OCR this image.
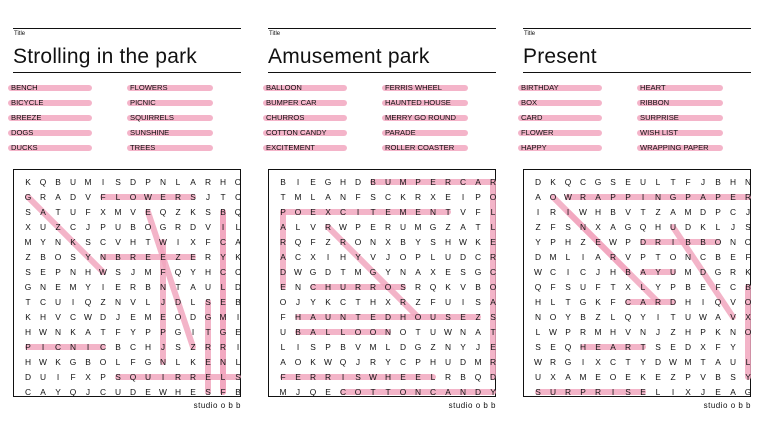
Title
Strolling in the park
BENCH
BICYCLE
BREEZE
DOGS
DUCKS
FLOWERS
PICNIC
SQUIRRELS
SUNSHINE
TREES
K Q B U M I S D P N L A R H O
G R A D V F L O W E R S J T C
S A T U F X M V E Q Z K S B Q
X U Z C J P U B O G R D V I L
M Y N K S C V H T W I X F C A
Z B O S Y N B R E E Z E R Y K
S E P N H W S J M F Q Y H C C
G N E M Y I E R B N T A U L D
T C U I Q Z N V L J D L S E B
K H V C W D J E M E O D G M I
H W N K A T F Y P P G I T G E
P I C N I C B C H J S Z R R I
H W K G B O L F G N L K E N L
D U I F X P S Q U I R R E L S
C A Y Q J C U D E W H E S F B
studio o b b
Title
Amusement park
BALLOON
BUMPER CAR
CHURROS
COTTON CANDY
EXCITEMENT
FERRIS WHEEL
HAUNTED HOUSE
MERRY GO ROUND
PARADE
ROLLER COASTER
B I E G H D B U M P E R C A R
T M L A N F S C K R X E I P O
P O E X C I T E M E N T V F L
A L V R W P E R U M G Z A T L
R Q F Z R O N X B Y S H W K E
A C X I H Y V J O P L U D C R
D W G D T M G Y N A X E S G C
E N C H U R R O S R Q K V B O
O J Y K C T H X R Z F U I S A
F H A U N T E D H O U S E Z S
U B A L L O O N O T U W N A T
L I S P B V M L D G Z N Y J E
A O K W Q J R Y C P H U D M R
F E R R I S W H E E L R B Q D
M J Q E C O T T O N C A N D Y
studio o b b
Title
Present
BIRTHDAY
BOX
CARD
FLOWER
HAPPY
HEART
RIBBON
SURPRISE
WISH LIST
WRAPPING PAPER
D K Q C G S E U L T F J B H N
A O W R A P P I N G P A P E R
I R I W H B V T Z A M D P C J
Z F S N X A G Q H U D K L J S
Y P H Z E W P D R I B B O N O
D M L I A R V P T O N C B E F
W C I C J H B A Y U M D G R K
Q F S U F T X L Y P B E F C B
H L T G K F C A R D H I Q V O
N O Y B Z L Q Y I T U W A V X
L W P R M H V N J Z H P K N O
S E Q H E A R T S E D X F Y
W R G I X C T Y D W M T A U L
U X A M E O E K E Z P V B S Y
S U R P R I S E L I X J E A G
studio o b b
